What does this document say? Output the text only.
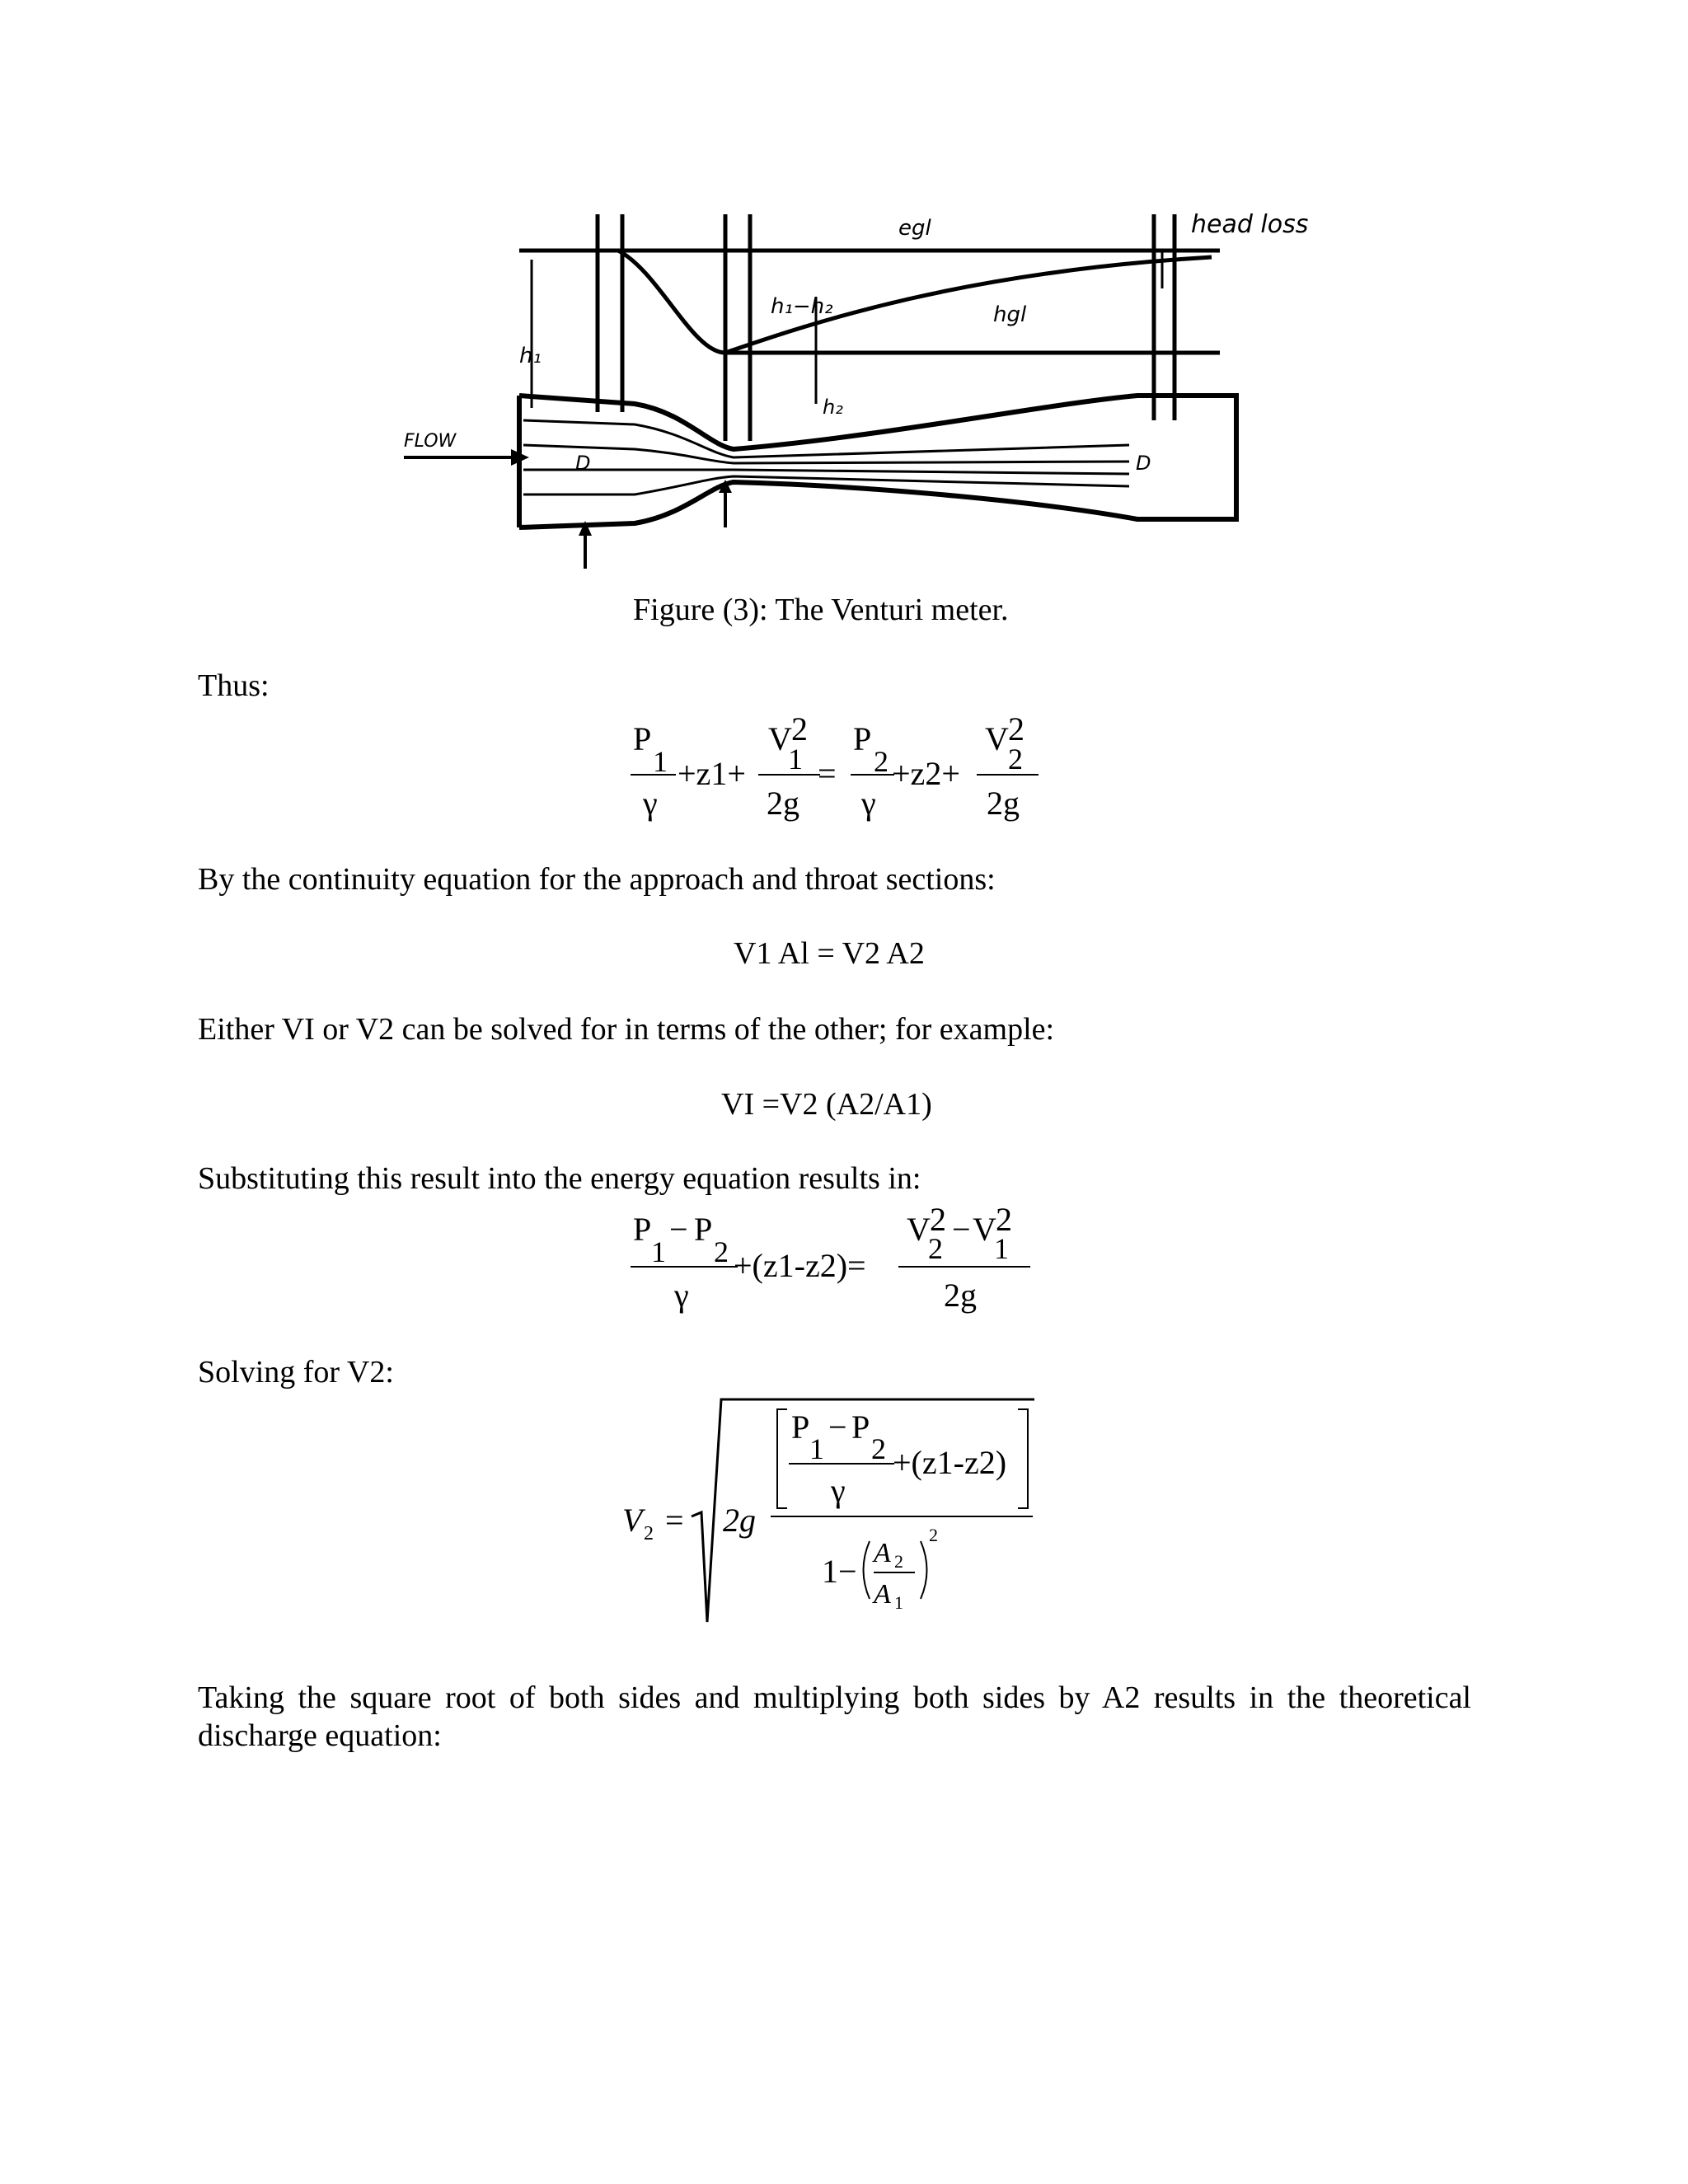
egl
hgl
head loss
h₁
h₁−h₂
h₂
FLOW
D	D
Figure (3): The Venturi meter.
Thus:
P
1
γ
+z1+
V 2
1
2g
=
P
2
γ
+z2+
V 2
2
2g
By the continuity equation for the approach and throat sections:
V1 Al = V2 A2
Either VI or V2 can be solved for in terms of the other; for example:
VI =V2 (A2/A1)
Substituting this result into the energy equation results in:
P
1
− P
2
γ
+(z1-z2)=
V 2
2
− V 2
1
2g
Solving for V2:
V 2 = 2g
P
1
− P
2
γ
+(z1-z2)
1− A 2
A 1
2
Taking the square root of both sides and multiplying both sides by A2 results in the theoretical discharge equation:
